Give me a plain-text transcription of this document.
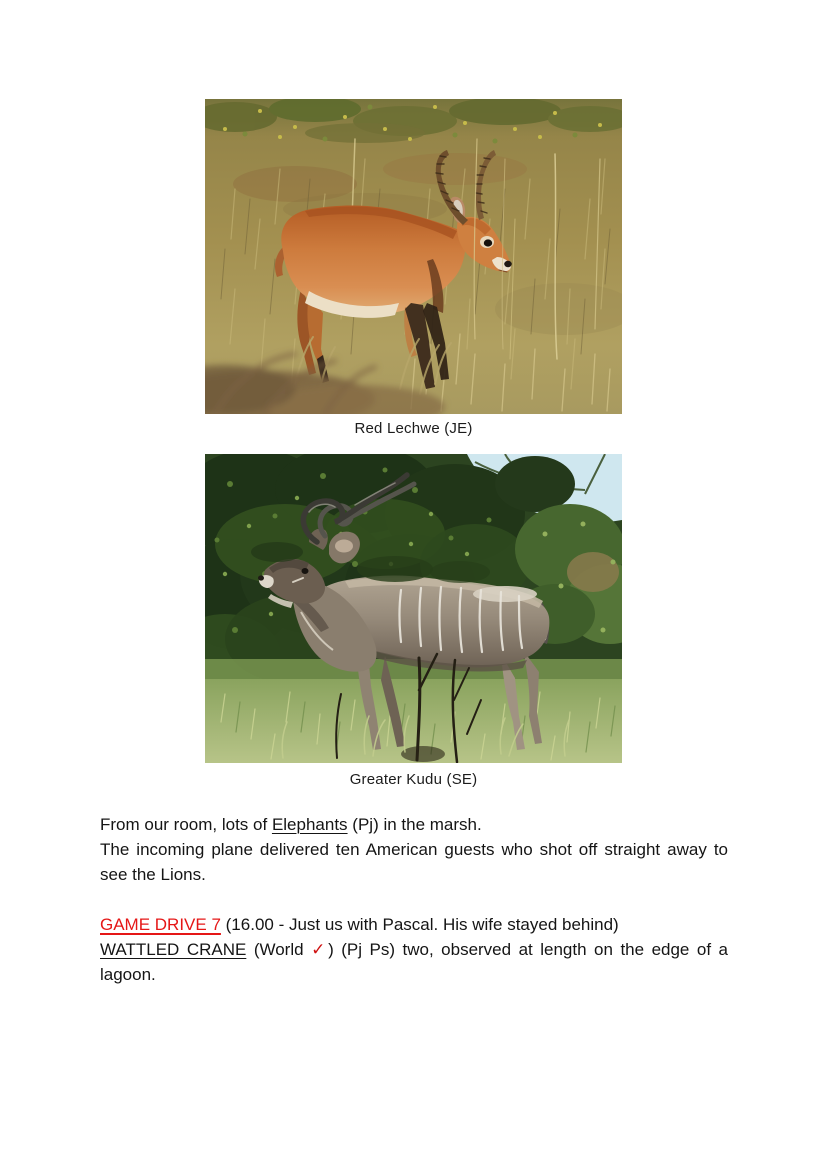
Red Lechwe (JE)
Greater Kudu (SE)

From our room, lots of Elephants (Pj) in the marsh.

The incoming plane delivered ten American guests who shot off straight away to see the Lions.

GAME DRIVE 7 (16.00 - Just us with Pascal. His wife stayed behind)

WATTLED CRANE (World ✓) (Pj Ps) two, observed at length on the edge of a lagoon.
